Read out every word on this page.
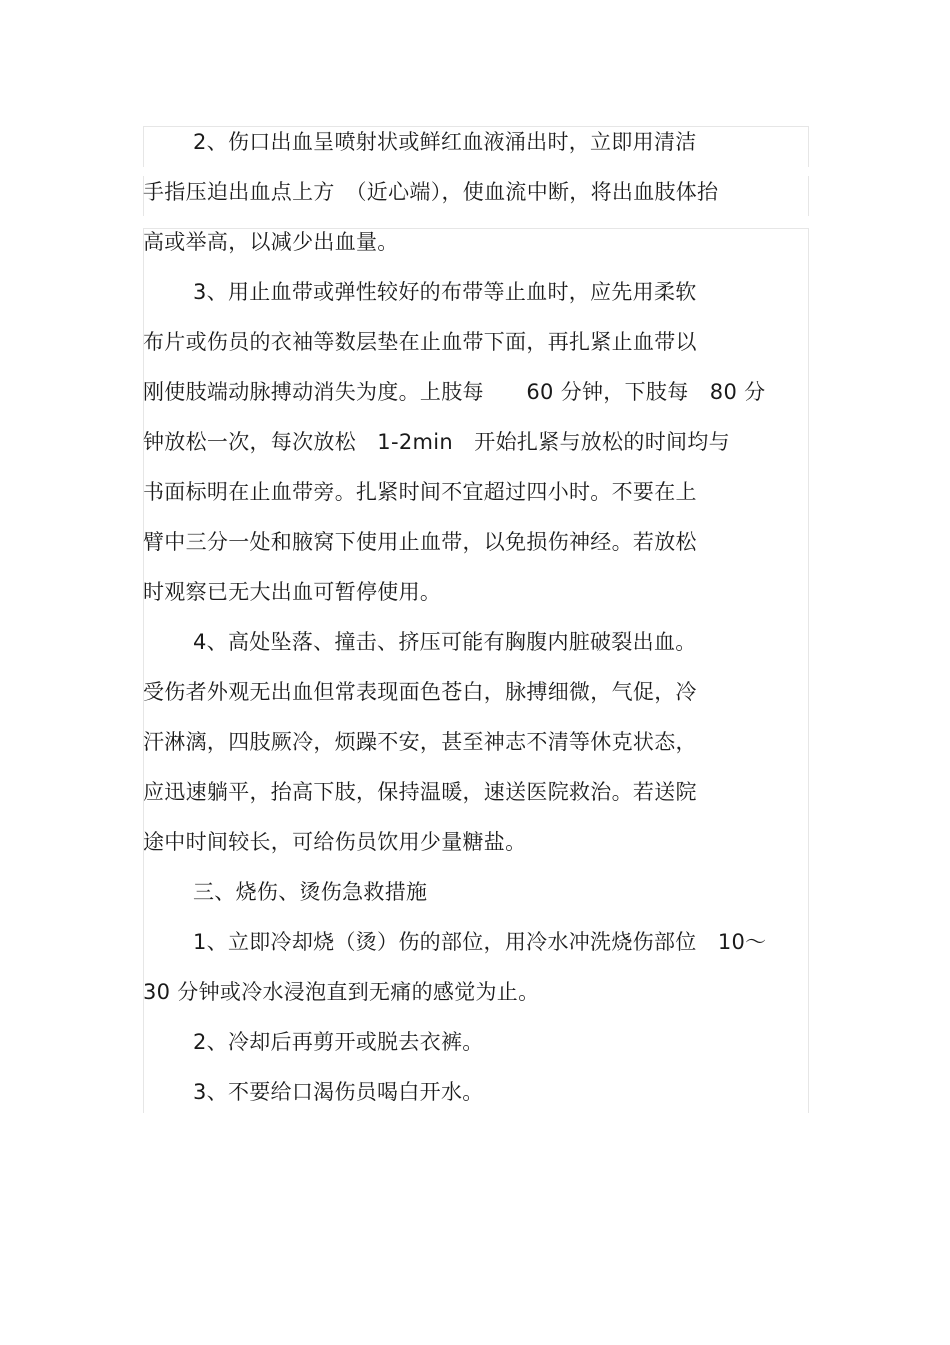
2、伤口出血呈喷射状或鲜红血液涌出时，立即用清洁
手指压迫出血点上方　（近心端），使血流中断，将出血肢体抬
高或举高，以减少出血量。
3、用止血带或弹性较好的布带等止血时，应先用柔软
布片或伤员的衣袖等数层垫在止血带下面，再扎紧止血带以
刚使肢端动脉搏动消失为度。上肢每　　60 分钟，下肢每　80 分
钟放松一次，每次放松　1-2min　开始扎紧与放松的时间均与
书面标明在止血带旁。扎紧时间不宜超过四小时。不要在上
臂中三分一处和腋窝下使用止血带，以免损伤神经。若放松
时观察已无大出血可暂停使用。
4、高处坠落、撞击、挤压可能有胸腹内脏破裂出血。
受伤者外观无出血但常表现面色苍白，脉搏细微，气促，冷
汗淋漓，四肢厥冷，烦躁不安，甚至神志不清等休克状态，
应迅速躺平，抬高下肢，保持温暖，速送医院救治。若送院
途中时间较长，可给伤员饮用少量糖盐。
三、烧伤、烫伤急救措施
1、立即冷却烧（烫）伤的部位，用冷水冲洗烧伤部位　10～
30 分钟或冷水浸泡直到无痛的感觉为止。
2、冷却后再剪开或脱去衣裤。
3、不要给口渴伤员喝白开水。
